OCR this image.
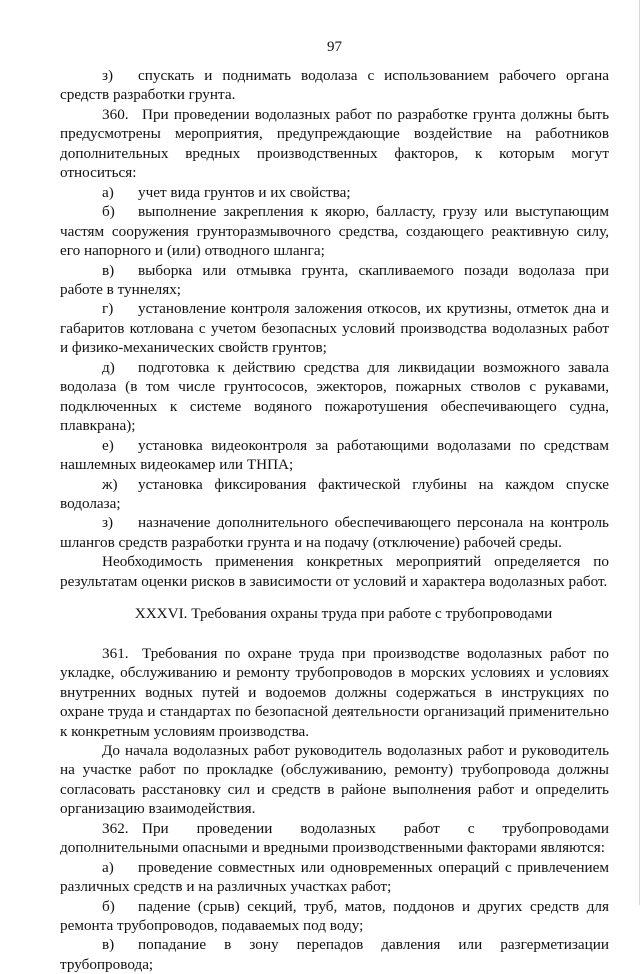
97

з) спускать и поднимать водолаза с использованием рабочего органа средств разработки грунта.

360. При проведении водолазных работ по разработке грунта должны быть предусмотрены мероприятия, предупреждающие воздействие на работников дополнительных вредных производственных факторов, к которым могут относиться:

а) учет вида грунтов и их свойства;

б) выполнение закрепления к якорю, балласту, грузу или выступающим частям сооружения грунторазмывочного средства, создающего реактивную силу, его напорного и (или) отводного шланга;

в) выборка или отмывка грунта, скапливаемого позади водолаза при работе в туннелях;

г) установление контроля заложения откосов, их крутизны, отметок дна и габаритов котлована с учетом безопасных условий производства водолазных работ и физико-механических свойств грунтов;

д) подготовка к действию средства для ликвидации возможного завала водолаза (в том числе грунтососов, эжекторов, пожарных стволов с рукавами, подключенных к системе водяного пожаротушения обеспечивающего судна, плавкрана);

е) установка видеоконтроля за работающими водолазами по средствам нашлемных видеокамер или ТНПА;

ж) установка фиксирования фактической глубины на каждом спуске водолаза;

з) назначение дополнительного обеспечивающего персонала на контроль шлангов средств разработки грунта и на подачу (отключение) рабочей среды.

Необходимость применения конкретных мероприятий определяется по результатам оценки рисков в зависимости от условий и характера водолазных работ.

XXXVI. Требования охраны труда при работе с трубопроводами

361. Требования по охране труда при производстве водолазных работ по укладке, обслуживанию и ремонту трубопроводов в морских условиях и условиях внутренних водных путей и водоемов должны содержаться в инструкциях по охране труда и стандартах по безопасной деятельности организаций применительно к конкретным условиям производства.

До начала водолазных работ руководитель водолазных работ и руководитель на участке работ по прокладке (обслуживанию, ремонту) трубопровода должны согласовать расстановку сил и средств в районе выполнения работ и определить организацию взаимодействия.

362. При проведении водолазных работ с трубопроводами дополнительными опасными и вредными производственными факторами являются:

а) проведение совместных или одновременных операций с привлечением различных средств и на различных участках работ;

б) падение (срыв) секций, труб, матов, поддонов и других средств для ремонта трубопроводов, подаваемых под воду;

в) попадание в зону перепадов давления или разгерметизации трубопровода;
